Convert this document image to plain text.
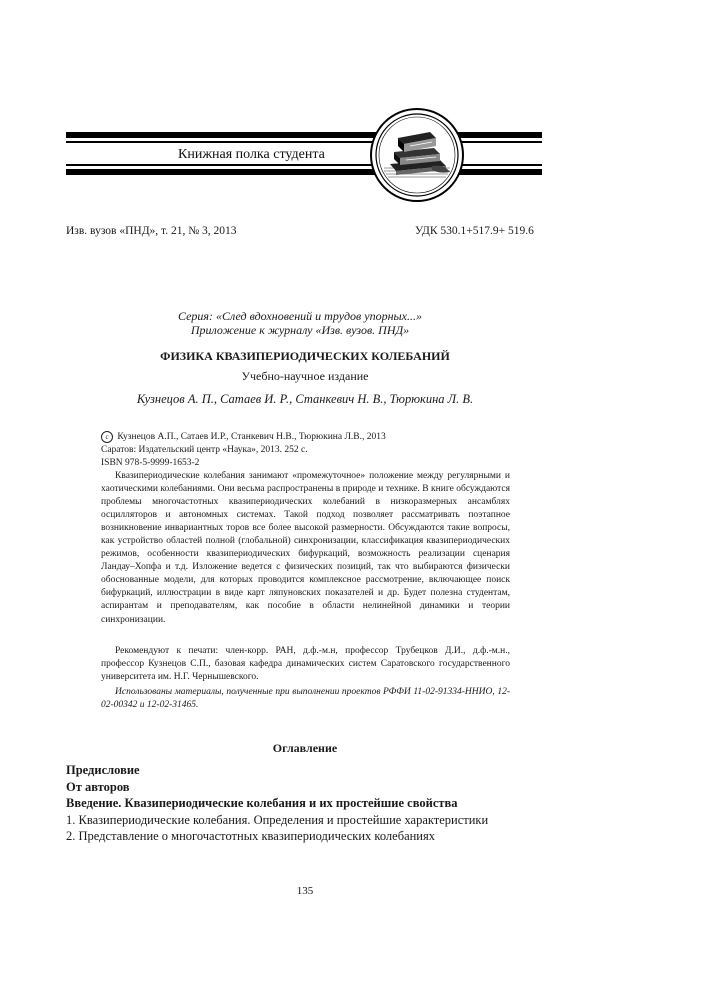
Книжная полка студента
Изв. вузов «ПНД», т. 21, № 3, 2013	УДК 530.1+517.9+ 519.6
Серия: «След вдохновений и трудов упорных...»
Приложение к журналу «Изв. вузов. ПНД»
ФИЗИКА КВАЗИПЕРИОДИЧЕСКИХ КОЛЕБАНИЙ
Учебно-научное издание
Кузнецов А. П., Сатаев И. Р., Станкевич Н. В., Тюрюкина Л. В.
c Кузнецов А.П., Сатаев И.Р., Станкевич Н.В., Тюрюкина Л.В., 2013
Саратов: Издательский центр «Наука», 2013. 252 с.
ISBN 978-5-9999-1653-2
Квазипериодические колебания занимают «промежуточное» положение между регулярными и хаотическими колебаниями. Они весьма распространены в природе и технике. В книге обсуждаются проблемы многочастотных квазипериодических колебаний в низкоразмерных ансамблях осцилляторов и автономных системах. Такой подход позволяет рассматривать поэтапное возникновение инвариантных торов все более высокой размерности. Обсуждаются такие вопросы, как устройство областей полной (глобальной) синхронизации, классификация квазипериодических режимов, особенности квазипериодических бифуркаций, возможность реализации сценария Ландау–Хопфа и т.д. Изложение ведется с физических позиций, так что выбираются физически обоснованные модели, для которых проводится комплексное рассмотрение, включающее поиск бифуркаций, иллюстрации в виде карт ляпуновских показателей и др. Будет полезна студентам, аспирантам и преподавателям, как пособие в области нелинейной динамики и теории синхронизации.
Рекомендуют к печати: член-корр. РАН, д.ф.-м.н, профессор Трубецков Д.И., д.ф.-м.н., профессор Кузнецов С.П., базовая кафедра динамических систем Саратовского государственного университета им. Н.Г. Чернышевского.
Использованы материалы, полученные при выполнении проектов РФФИ 11-02-91334-ННИО, 12-02-00342 и 12-02-31465.
Оглавление
Предисловие
От авторов
Введение. Квазипериодические колебания и их простейшие свойства
1. Квазипериодические колебания. Определения и простейшие характеристики
2. Представление о многочастотных квазипериодических колебаниях
135
